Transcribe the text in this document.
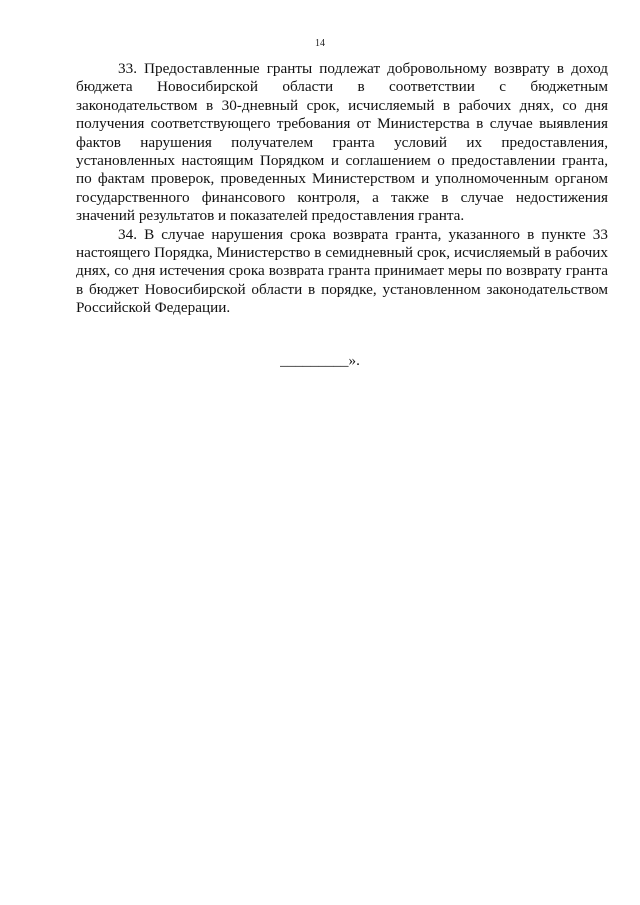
14

33. Предоставленные гранты подлежат добровольному возврату в доход бюджета Новосибирской области в соответствии с бюджетным законодательством в 30-дневный срок, исчисляемый в рабочих днях, со дня получения соответствующего требования от Министерства в случае выявления фактов нарушения получателем гранта условий их предоставления, установленных настоящим Порядком и соглашением о предоставлении гранта, по фактам проверок, проведенных Министерством и уполномоченным органом государственного финансового контроля, а также в случае недостижения значений результатов и показателей предоставления гранта.

34. В случае нарушения срока возврата гранта, указанного в пункте 33 настоящего Порядка, Министерство в семидневный срок, исчисляемый в рабочих днях, со дня истечения срока возврата гранта принимает меры по возврату гранта в бюджет Новосибирской области в порядке, установленном законодательством Российской Федерации.

_________».
